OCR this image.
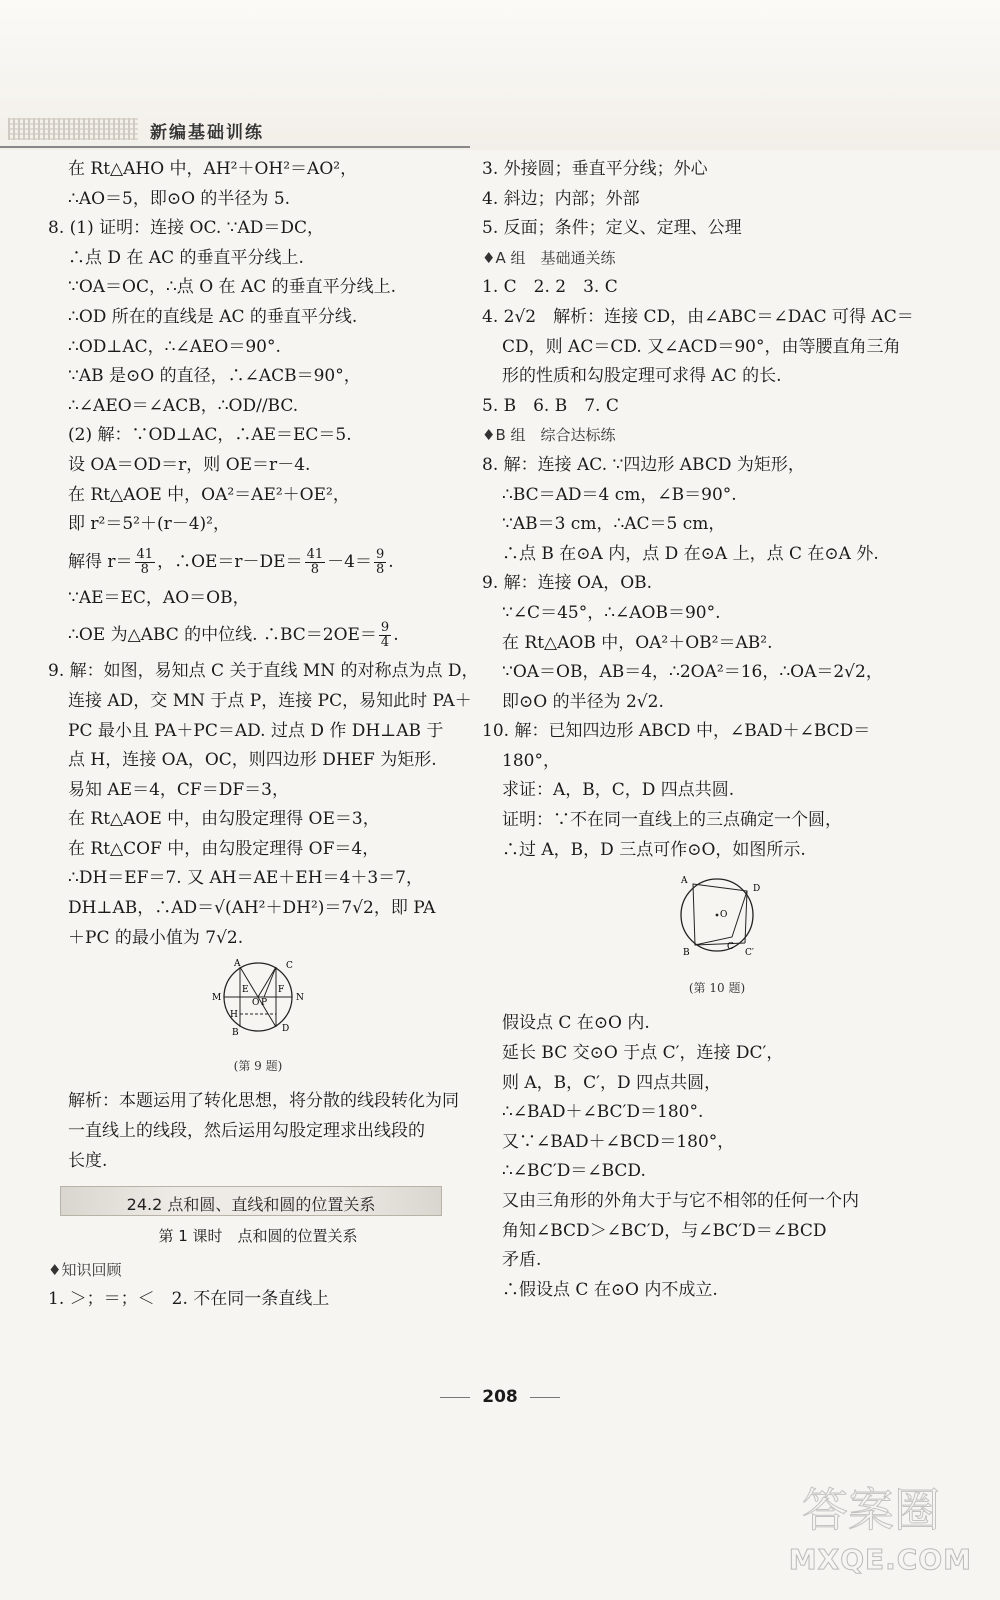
新编基础训练
在 Rt△AHO 中，AH²＋OH²＝AO²，
∴AO＝5，即⊙O 的半径为 5.
8. (1) 证明：连接 OC. ∵AD＝DC，
∴点 D 在 AC 的垂直平分线上.
∵OA＝OC，∴点 O 在 AC 的垂直平分线上.
∴OD 所在的直线是 AC 的垂直平分线.
∴OD⊥AC，∴∠AEO＝90°.
∵AB 是⊙O 的直径，∴∠ACB＝90°，
∴∠AEO＝∠ACB，∴OD//BC.
(2) 解：∵OD⊥AC，∴AE＝EC＝5.
设 OA＝OD＝r，则 OE＝r－4.
在 Rt△AOE 中，OA²＝AE²＋OE²，
即 r²＝5²＋(r－4)²，
解得 $r= \frac{41}{8}$ ，∴OE＝r－DE＝ $\frac{41}{8} -4= \frac{9}{8}$ .
∵AE＝EC，AO＝OB，
∴OE 为△ABC 的中位线. ∴BC＝2OE＝ $\frac{9}{4}$ .
9. 解：如图，易知点 C 关于直线 MN 的对称点为点 D，
连接 AD，交 MN 于点 P，连接 PC，易知此时 PA＋
PC 最小且 PA＋PC＝AD. 过点 D 作 DH⊥AB 于
点 H，连接 OA，OC，则四边形 DHEF 为矩形.
易知 AE＝4，CF＝DF＝3，
在 Rt△AOE 中，由勾股定理得 OE＝3，
在 Rt△COF 中，由勾股定理得 OF＝4，
∴DH＝EF＝7. 又 AH＝AE＋EH＝4＋3＝7，
DH⊥AB，∴AD＝√(AH²＋DH²)＝7√2，即 PA
＋PC 的最小值为 7√2.
A	C
M
E
O P
F
N
H
B	D
(第 9 题)
解析：本题运用了转化思想，将分散的线段转化为同
一直线上的线段，然后运用勾股定理求出线段的
长度.
24.2 点和圆、直线和圆的位置关系
第 1 课时　点和圆的位置关系
♦知识回顾
1. ＞；＝；＜　2. 不在同一条直线上
3. 外接圆；垂直平分线；外心
4. 斜边；内部；外部
5. 反面；条件；定义、定理、公理
♦A 组　基础通关练
1. C　2. 2　3. C
4. 2√2　解析：连接 CD，由∠ABC＝∠DAC 可得 AC＝
CD，则 AC＝CD. 又∠ACD＝90°，由等腰直角三角
形的性质和勾股定理可求得 AC 的长.
5. B　6. B　7. C
♦B 组　综合达标练
8. 解：连接 AC. ∵四边形 ABCD 为矩形，
∴BC＝AD＝4 cm，∠B＝90°.
∵AB＝3 cm，∴AC＝5 cm，
∴点 B 在⊙A 内，点 D 在⊙A 上，点 C 在⊙A 外.
9. 解：连接 OA，OB.
∵∠C＝45°，∴∠AOB＝90°.
在 Rt△AOB 中，OA²＋OB²＝AB².
∵OA＝OB，AB＝4，∴2OA²＝16，∴OA＝2√2，
即⊙O 的半径为 2√2.
10. 解：已知四边形 ABCD 中，∠BAD＋∠BCD＝
180°，
求证：A，B，C，D 四点共圆.
证明：∵不在同一直线上的三点确定一个圆，
∴过 A，B，D 三点可作⊙O，如图所示.
A
D
O
B
C
C′
(第 10 题)
假设点 C 在⊙O 内.
延长 BC 交⊙O 于点 C′，连接 DC′，
则 A，B，C′，D 四点共圆，
∴∠BAD＋∠BC′D＝180°.
又∵∠BAD＋∠BCD＝180°，
∴∠BC′D＝∠BCD.
又由三角形的外角大于与它不相邻的任何一个内
角知∠BCD＞∠BC′D，与∠BC′D＝∠BCD
矛盾.
∴假设点 C 在⊙O 内不成立.
208
答案圈
MXQE.COM
